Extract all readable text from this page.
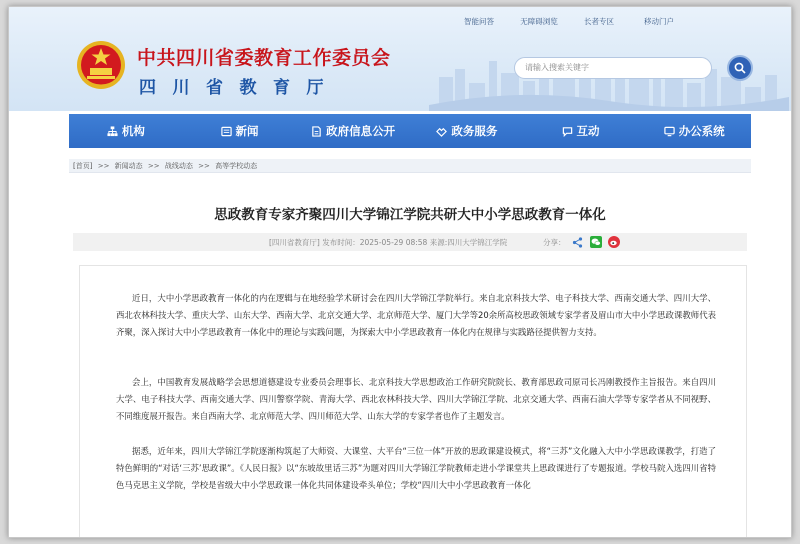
智能问答	无障碍浏览	长者专区	移动门户
中共四川省委教育工作委员会
四川省教育厅
请输入搜索关键字
机构	新闻	政府信息公开	政务服务	互动	办公系统
[首页] >> 新闻动态 >> 战线动态 >> 高等学校动态
思政教育专家齐聚四川大学锦江学院共研大中小学思政教育一体化
[四川省教育厅] 发布时间：2025-05-29 08:58 来源:四川大学锦江学院	分享：

近日，大中小学思政教育一体化的内在逻辑与在地经验学术研讨会在四川大学锦江学院举行。来自北京科技大学、电子科技大学、西南交通大学、四川大学、西北农林科技大学、重庆大学、山东大学、西南大学、北京交通大学、北京师范大学、厦门大学等20余所高校思政领域专家学者及眉山市大中小学思政课教师代表齐聚，深入探讨大中小学思政教育一体化中的理论与实践问题，为探索大中小学思政教育一体化内在规律与实践路径提供智力支持。

会上，中国教育发展战略学会思想道德建设专业委员会理事长、北京科技大学思想政治工作研究院院长、教育部思政司原司长冯刚教授作主旨报告。来自四川大学、电子科技大学、西南交通大学、四川警察学院、青海大学、西北农林科技大学、四川大学锦江学院、北京交通大学、西南石油大学等专家学者从不同视野、不同维度展开报告。来自西南大学、北京师范大学、四川师范大学、山东大学的专家学者也作了主题发言。

据悉，近年来，四川大学锦江学院逐渐构筑起了大师资、大课堂、大平台“三位一体”开放的思政课建设模式，将“三苏”文化融入大中小学思政课教学，打造了特色鲜明的“对话‘三苏’思政课”。《人民日报》以“东坡故里话三苏”为题对四川大学锦江学院教师走进小学课堂共上思政课进行了专题报道。学校马院入选四川省特色马克思主义学院，学校是省级大中小学思政课一体化共同体建设牵头单位；学校“四川大中小学思政教育一体化
